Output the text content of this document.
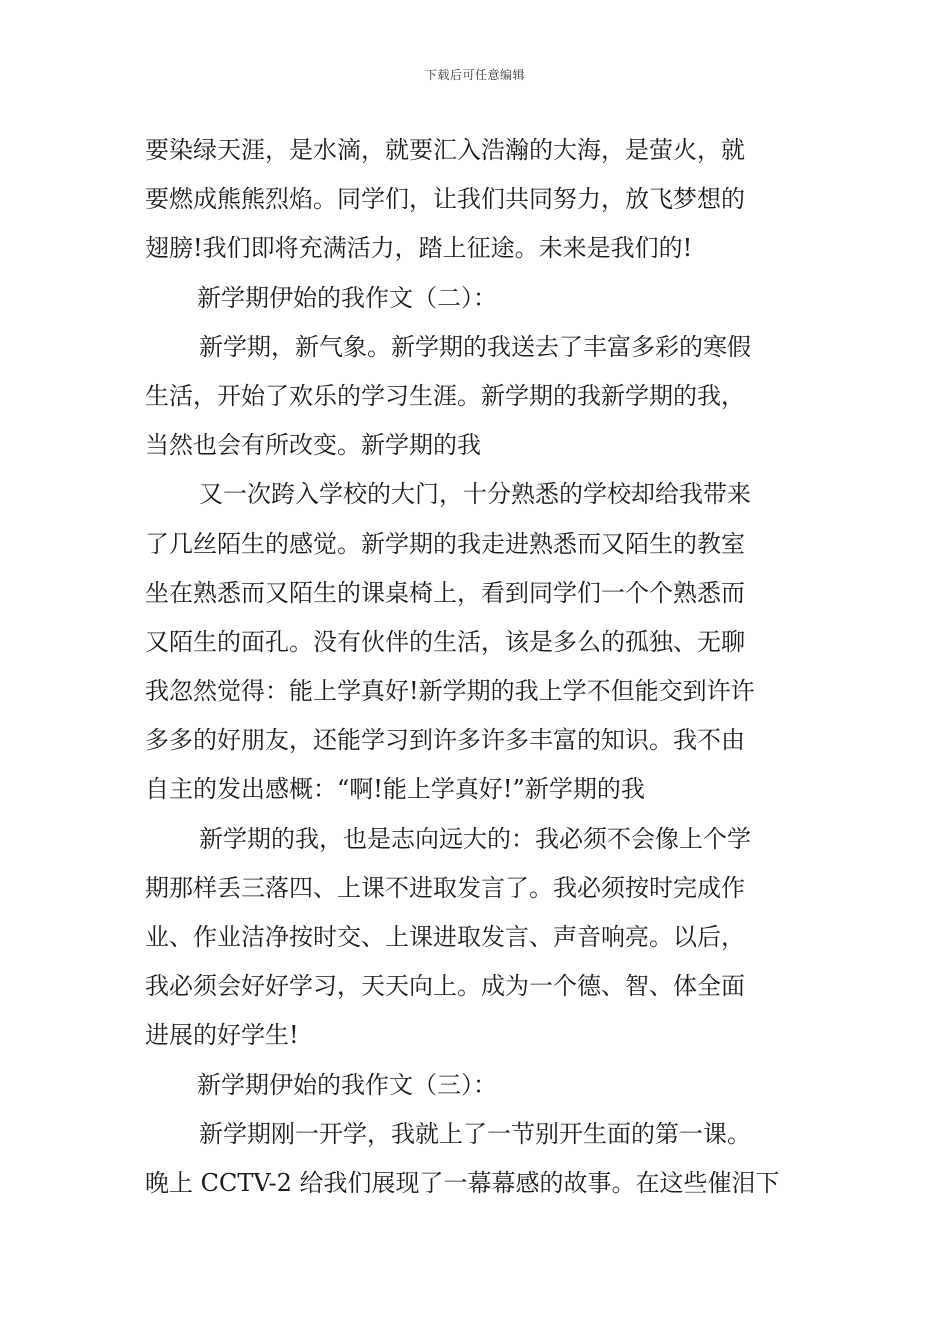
下载后可任意编辑
要染绿天涯，是水滴，就要汇入浩瀚的大海，是萤火，就
要燃成熊熊烈焰。同学们，让我们共同努力，放飞梦想的
翅膀!我们即将充满活力，踏上征途。未来是我们的!
新学期伊始的我作文（二）：
新学期，新气象。新学期的我送去了丰富多彩的寒假
生活，开始了欢乐的学习生涯。新学期的我新学期的我，
当然也会有所改变。新学期的我
又一次跨入学校的大门，十分熟悉的学校却给我带来
了几丝陌生的感觉。新学期的我走进熟悉而又陌生的教室
坐在熟悉而又陌生的课桌椅上，看到同学们一个个熟悉而
又陌生的面孔。没有伙伴的生活，该是多么的孤独、无聊
我忽然觉得：能上学真好!新学期的我上学不但能交到许许
多多的好朋友，还能学习到许多许多丰富的知识。我不由
自主的发出感概：“啊!能上学真好!”新学期的我
新学期的我，也是志向远大的：我必须不会像上个学
期那样丢三落四、上课不进取发言了。我必须按时完成作
业、作业洁净按时交、上课进取发言、声音响亮。以后，
我必须会好好学习，天天向上。成为一个德、智、体全面
进展的好学生!
新学期伊始的我作文（三）：
新学期刚一开学，我就上了一节别开生面的第一课。
晚上 CCTV-2 给我们展现了一幕幕感的故事。在这些催泪下
